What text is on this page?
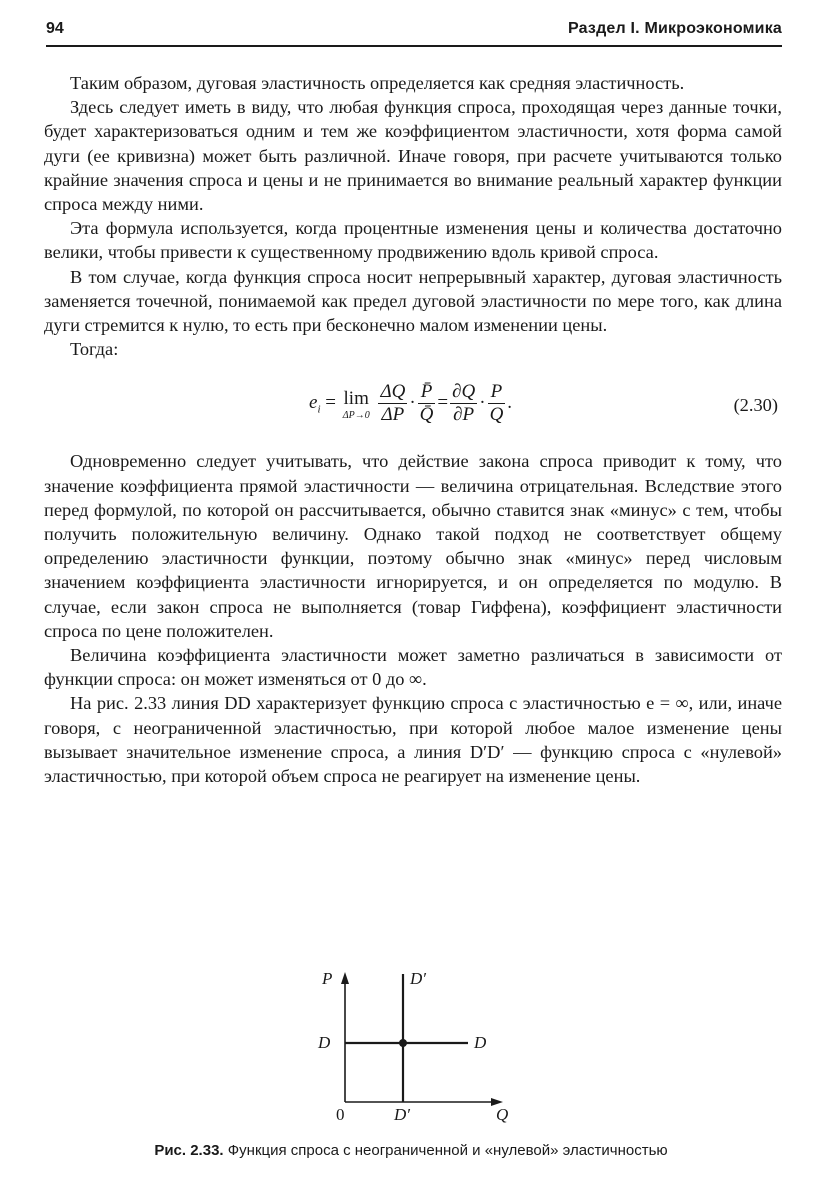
94	Раздел I. Микроэкономика

Таким образом, дуговая эластичность определяется как средняя эластичность.

Здесь следует иметь в виду, что любая функция спроса, проходящая через данные точки, будет характеризоваться одним и тем же коэффициентом эластичности, хотя форма самой дуги (ее кривизна) может быть различной. Иначе говоря, при расчете учитываются только крайние значения спроса и цены и не принимается во внимание реальный характер функции спроса между ними.

Эта формула используется, когда процентные изменения цены и количества достаточно велики, чтобы привести к существенному продвижению вдоль кривой спроса.

В том случае, когда функция спроса носит непрерывный характер, дуговая эластичность заменяется точечной, понимаемой как предел дуговой эластичности по мере того, как длина дуги стремится к нулю, то есть при бесконечно малом изменении цены.

Тогда:

$e_i = \lim$
ΔP→0
$\frac{\Delta Q}{\Delta P} \cdot \frac{P̄}{Q̄} = \frac{\partial Q}{\partial P} \cdot \frac{P}{Q}$ .	(2.30)

Одновременно следует учитывать, что действие закона спроса приводит к тому, что значение коэффициента прямой эластичности — величина отрицательная. Вследствие этого перед формулой, по которой он рассчитывается, обычно ставится знак «минус» с тем, чтобы получить положительную величину. Однако такой подход не соответствует общему определению эластичности функции, поэтому обычно знак «минус» перед числовым значением коэффициента эластичности игнорируется, и он определяется по модулю. В случае, если закон спроса не выполняется (товар Гиффена), коэффициент эластичности спроса по цене положителен.

Величина коэффициента эластичности может заметно различаться в зависимости от функции спроса: он может изменяться от 0 до ∞.

На рис. 2.33 линия DD характеризует функцию спроса с эластичностью e = ∞, или, иначе говоря, с неограниченной эластичностью, при которой любое малое изменение цены вызывает значительное изменение спроса, а линия D′D′ — функцию спроса с «нулевой» эластичностью, при которой объем спроса не реагирует на изменение цены.

P
0	Q
D	D
D′
D′
Рис. 2.33. Функция спроса с неограниченной и «нулевой» эластичностью
